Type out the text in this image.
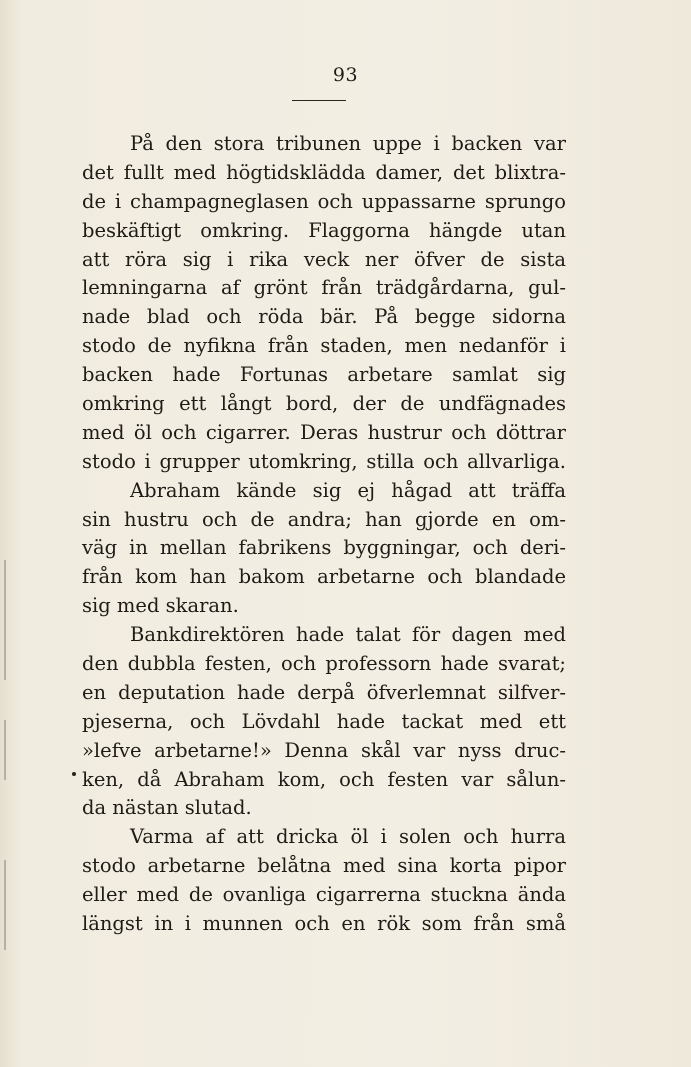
93
På den stora tribunen uppe i backen var
det fullt med högtidsklädda damer, det blixtra-
de i champagneglasen och uppassarne sprungo
beskäftigt omkring. Flaggorna hängde utan
att röra sig i rika veck ner öfver de sista
lemningarna af grönt från trädgårdarna, gul-
nade blad och röda bär. På begge sidorna
stodo de nyfikna från staden, men nedanför i
backen hade Fortunas arbetare samlat sig
omkring ett långt bord, der de undfägnades
med öl och cigarrer. Deras hustrur och döttrar
stodo i grupper utomkring, stilla och allvarliga.
Abraham kände sig ej hågad att träffa
sin hustru och de andra; han gjorde en om-
väg in mellan fabrikens byggningar, och deri-
från kom han bakom arbetarne och blandade
sig med skaran.
Bankdirektören hade talat för dagen med
den dubbla festen, och professorn hade svarat;
en deputation hade derpå öfverlemnat silfver-
pjeserna, och Lövdahl hade tackat med ett
»lefve arbetarne!» Denna skål var nyss druc-
ken, då Abraham kom, och festen var sålun-
da nästan slutad.
Varma af att dricka öl i solen och hurra
stodo arbetarne belåtna med sina korta pipor
eller med de ovanliga cigarrerna stuckna ända
längst in i munnen och en rök som från små
